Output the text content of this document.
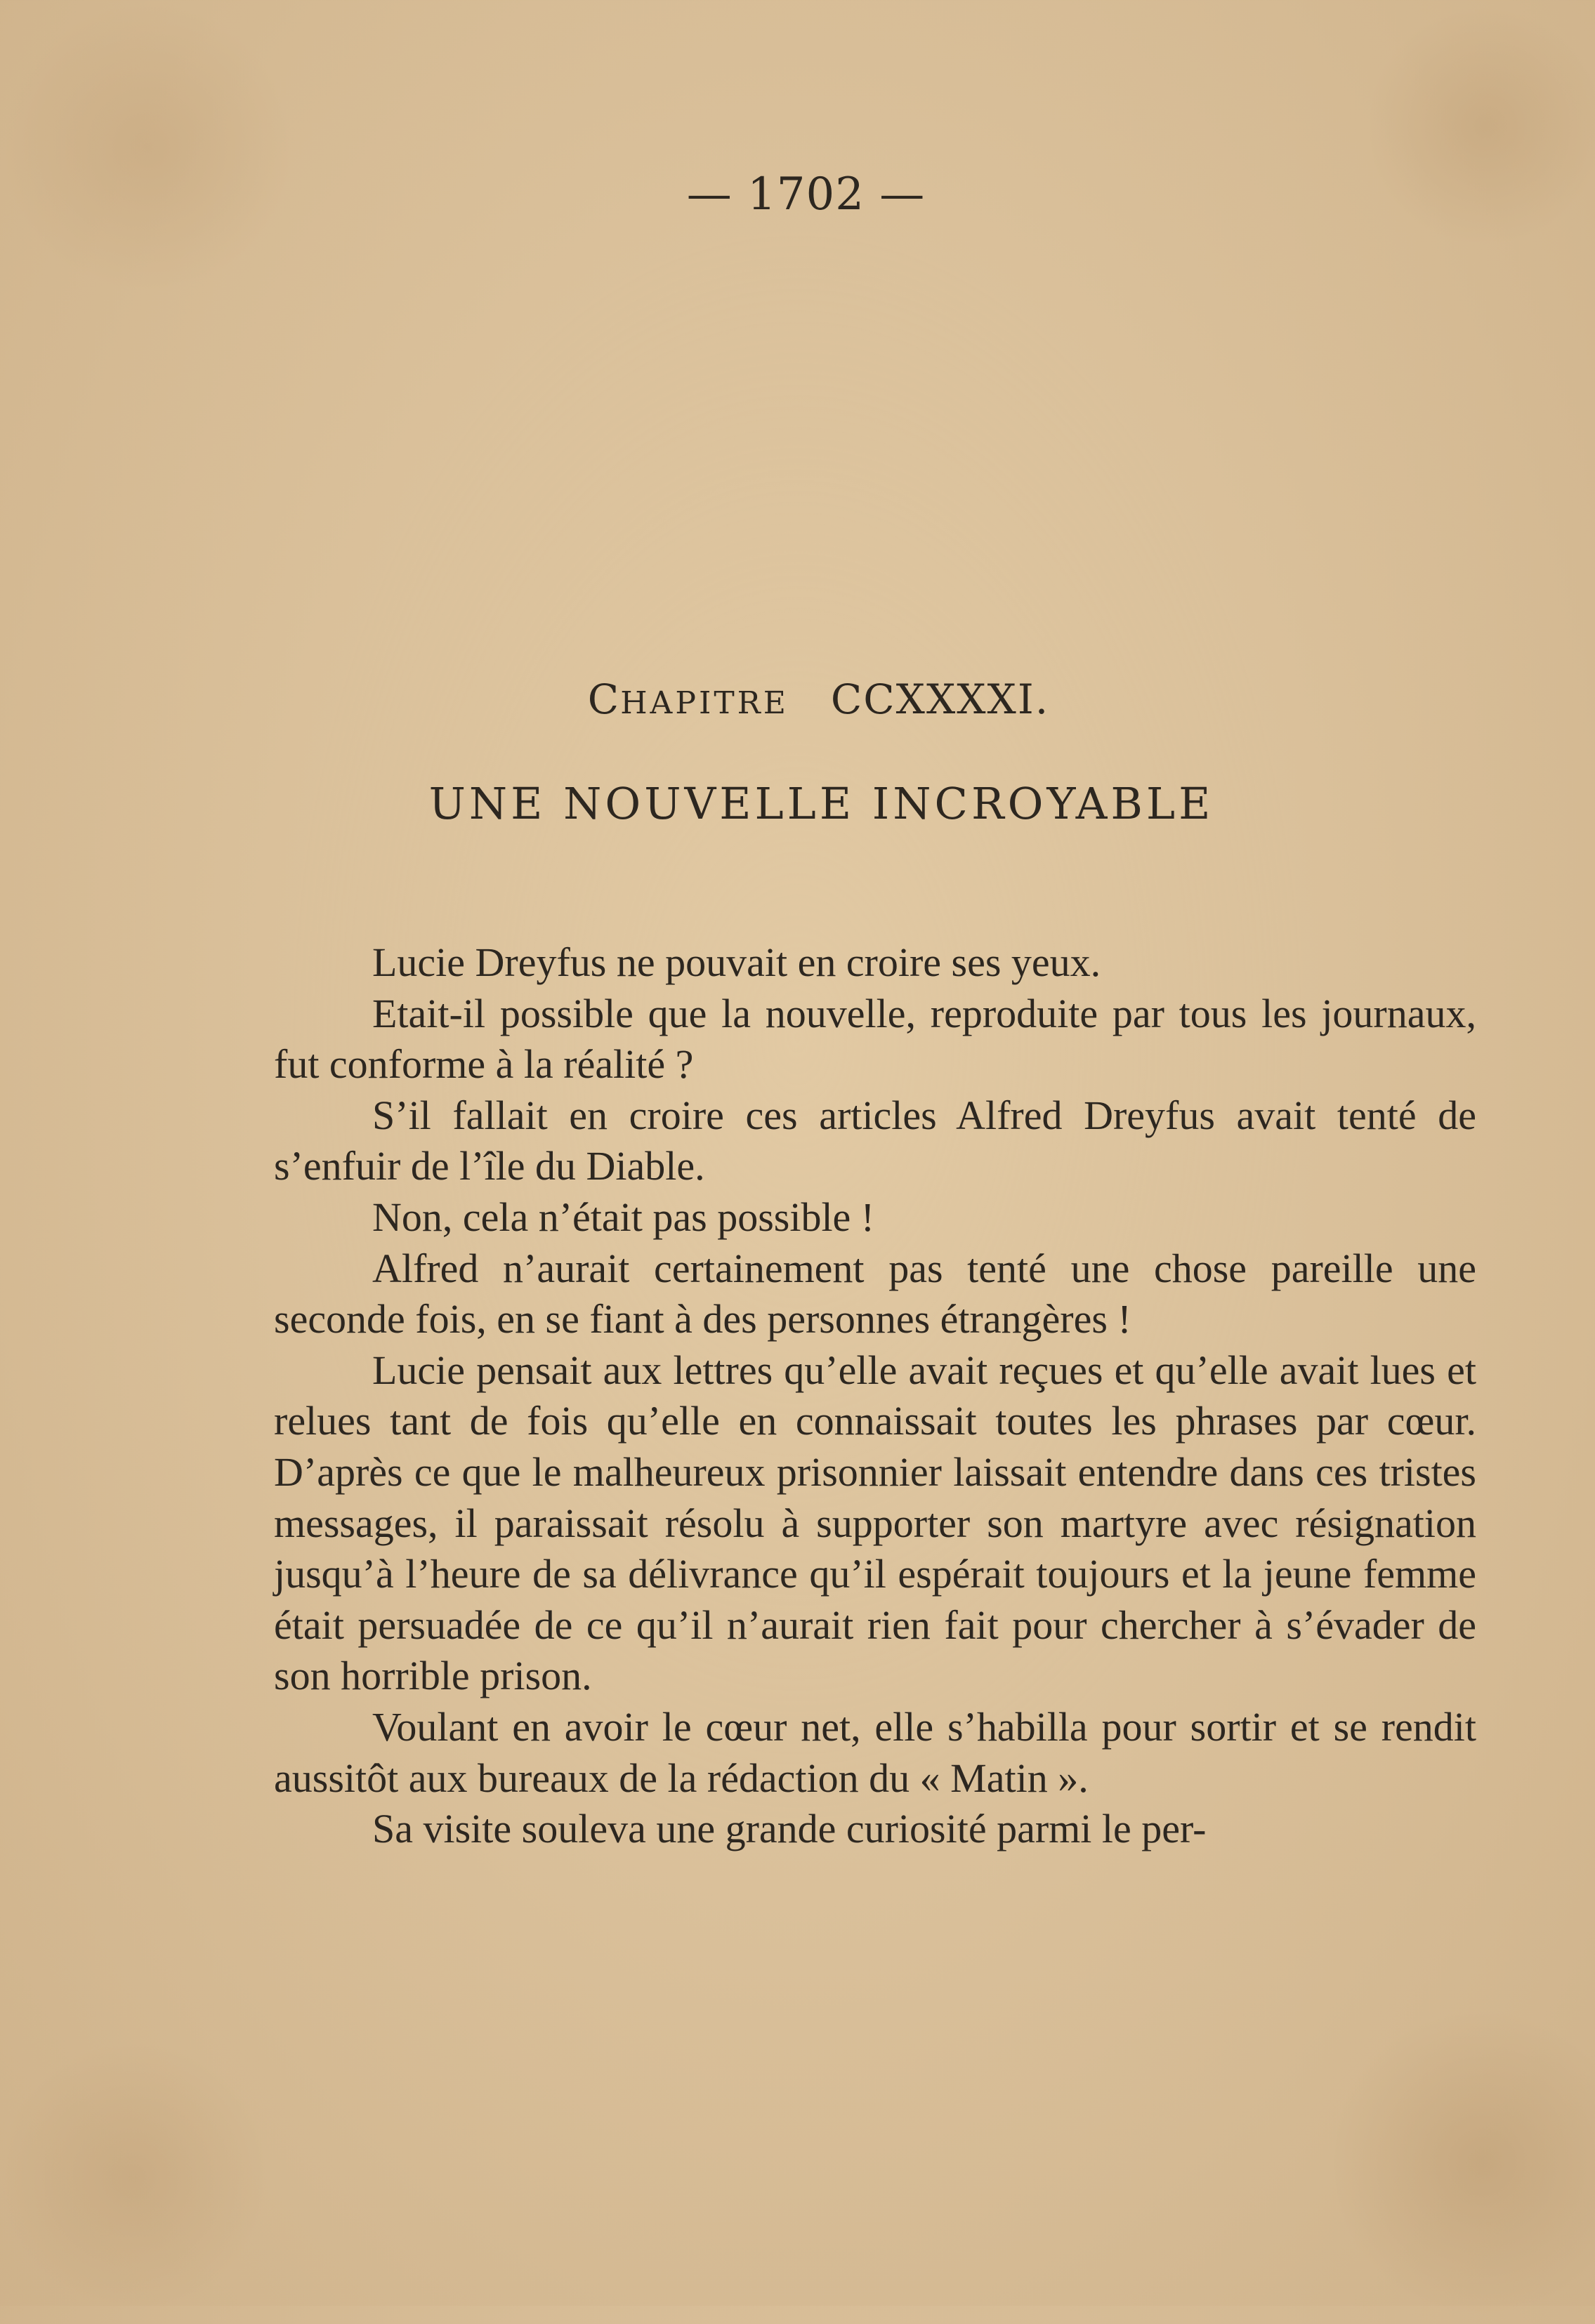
— 1702 —
CHAPITRE CCXXXXI.
UNE NOUVELLE INCROYABLE

Lucie Dreyfus ne pouvait en croire ses yeux.

Etait-il possible que la nouvelle, reproduite par tous les journaux, fut conforme à la réalité ?

S’il fallait en croire ces articles Alfred Dreyfus avait tenté de s’enfuir de l’île du Diable.

Non, cela n’était pas possible !

Alfred n’aurait certainement pas tenté une chose pareille une seconde fois, en se fiant à des personnes étrangères !

Lucie pensait aux lettres qu’elle avait reçues et qu’elle avait lues et relues tant de fois qu’elle en connaissait toutes les phrases par cœur. D’après ce que le malheureux prisonnier laissait entendre dans ces tristes messages, il paraissait résolu à supporter son martyre avec résignation jusqu’à l’heure de sa délivrance qu’il espérait toujours et la jeune femme était persuadée de ce qu’il n’aurait rien fait pour chercher à s’évader de son horrible prison.

Voulant en avoir le cœur net, elle s’habilla pour sortir et se rendit aussitôt aux bureaux de la rédaction du « Matin ».

Sa visite souleva une grande curiosité parmi le per-
